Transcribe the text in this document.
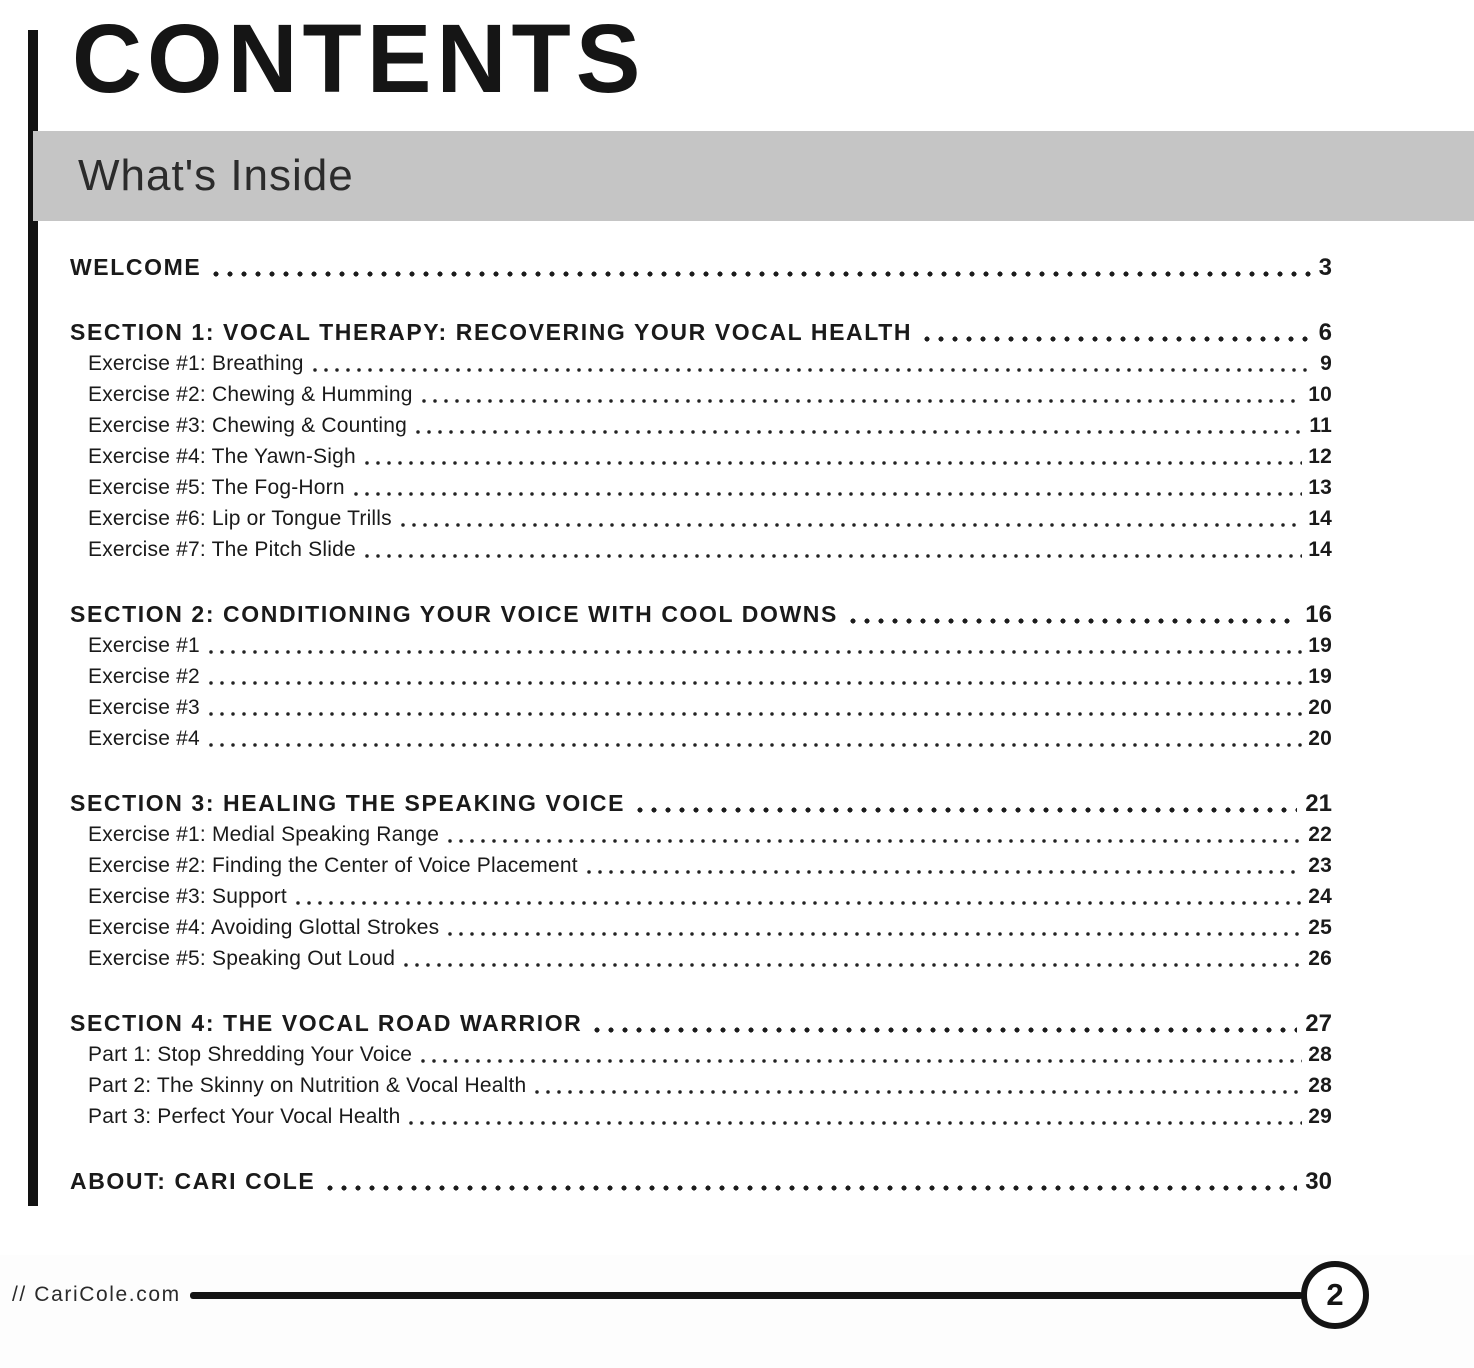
CONTENTS
What's Inside
WELCOME	3
SECTION 1: VOCAL THERAPY: RECOVERING YOUR VOCAL HEALTH	6
Exercise #1: Breathing	9
Exercise #2: Chewing & Humming	10
Exercise #3: Chewing & Counting	11
Exercise #4: The Yawn-Sigh	12
Exercise #5: The Fog-Horn	13
Exercise #6: Lip or Tongue Trills	14
Exercise #7: The Pitch Slide	14
SECTION 2: CONDITIONING YOUR VOICE WITH COOL DOWNS	16
Exercise #1	19
Exercise #2	19
Exercise #3	20
Exercise #4	20
SECTION 3: HEALING THE SPEAKING VOICE	21
Exercise #1: Medial Speaking Range	22
Exercise #2: Finding the Center of Voice Placement	23
Exercise #3: Support	24
Exercise #4: Avoiding Glottal Strokes	25
Exercise #5: Speaking Out Loud	26
SECTION 4: THE VOCAL ROAD WARRIOR	27
Part 1: Stop Shredding Your Voice	28
Part 2: The Skinny on Nutrition & Vocal Health	28
Part 3: Perfect Your Vocal Health	29
ABOUT: CARI COLE	30
// CariCole.com	2
